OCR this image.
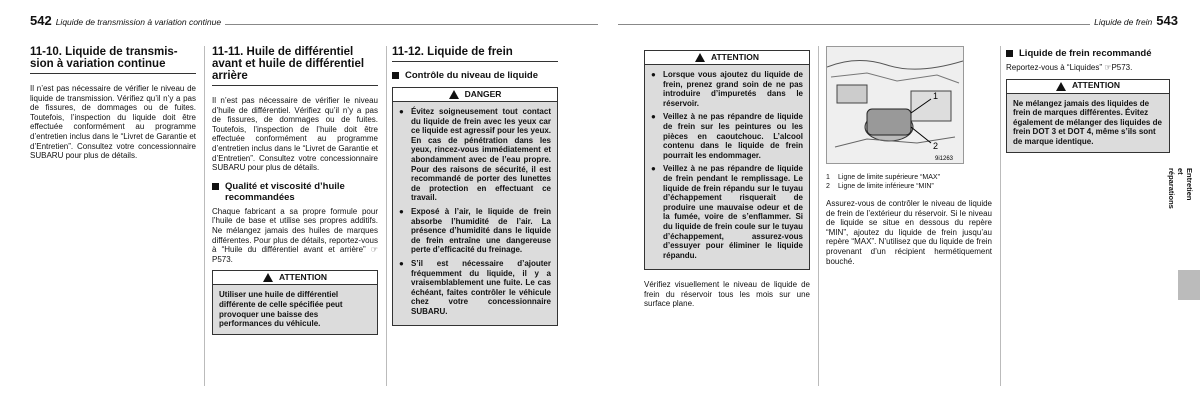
542 Liquide de transmission à variation continue
11-10. Liquide de transmis-sion à variation continue

Il n’est pas nécessaire de vérifier le niveau de liquide de transmission. Vérifiez qu’il n’y a pas de fissures, de dommages ou de fuites. Toutefois, l’inspection du liquide doit être effectuée conformément au programme d’entretien inclus dans le “Livret de Garantie et d’Entretien”. Consultez votre concessionnaire SUBARU pour plus de détails.

11-11. Huile de différentiel avant et huile de différentiel arrière

Il n’est pas nécessaire de vérifier le niveau d’huile de différentiel. Vérifiez qu’il n’y a pas de fissures, de dommages ou de fuites. Toutefois, l’inspection de l’huile doit être effectuée conformément au programme d’entretien inclus dans le “Livret de Garantie et d’Entretien”. Consultez votre concessionnaire SUBARU pour plus de détails.

Qualité et viscosité d’huile recommandées

Chaque fabricant a sa propre formule pour l’huile de base et utilise ses propres additifs. Ne mélangez jamais des huiles de marques différentes. Pour plus de détails, reportez-vous à “Huile du différentiel avant et arrière” ☞P573.

ATTENTION
Utiliser une huile de différentiel différente de celle spécifiée peut provoquer une baisse des performances du véhicule.
11-12. Liquide de frein
Contrôle du niveau de liquide
DANGER
● Évitez soigneusement tout contact du liquide de frein avec les yeux car ce liquide est agressif pour les yeux. En cas de pénétration dans les yeux, rincez-vous immédiatement et abondamment avec de l’eau propre. Pour des raisons de sécurité, il est recommandé de porter des lunettes de protection en effectuant ce travail.
● Exposé à l’air, le liquide de frein absorbe l’humidité de l’air. La présence d’humidité dans le liquide de frein entraîne une dangereuse perte d’efficacité du freinage.
● S’il est nécessaire d’ajouter fréquemment du liquide, il y a vraisemblablement une fuite. Le cas échéant, faites contrôler le véhicule chez votre concessionnaire SUBARU.
Liquide de frein 543
ATTENTION
● Lorsque vous ajoutez du liquide de frein, prenez grand soin de ne pas introduire d’impuretés dans le réservoir.
● Veillez à ne pas répandre de liquide de frein sur les peintures ou les pièces en caoutchouc. L’alcool contenu dans le liquide de frein pourrait les endommager.
● Veillez à ne pas répandre de liquide de frein pendant le remplissage. Le liquide de frein répandu sur le tuyau d’échappement risquerait de produire une mauvaise odeur et de la fumée, voire de s’enflammer. Si du liquide de frein coule sur le tuyau d’échappement, assurez-vous d’essuyer pour éliminer le liquide répandu.

Vérifiez visuellement le niveau de liquide de frein du réservoir tous les mois sur une surface plane.

1
2
9i1263
1	Ligne de limite supérieure “MAX”
2	Ligne de limite inférieure “MIN”

Assurez-vous de contrôler le niveau de liquide de frein de l’extérieur du réservoir. Si le niveau de liquide se situe en dessous du repère “MIN”, ajoutez du liquide de frein jusqu’au repère “MAX”. N’utilisez que du liquide de frein provenant d’un récipient hermétiquement bouché.

Liquide de frein recommandé

Reportez-vous à “Liquides” ☞P573.

ATTENTION
Ne mélangez jamais des liquides de frein de marques différentes. Évitez également de mélanger des liquides de frein DOT 3 et DOT 4, même s’ils sont de marque identique.
Entretien et réparations
